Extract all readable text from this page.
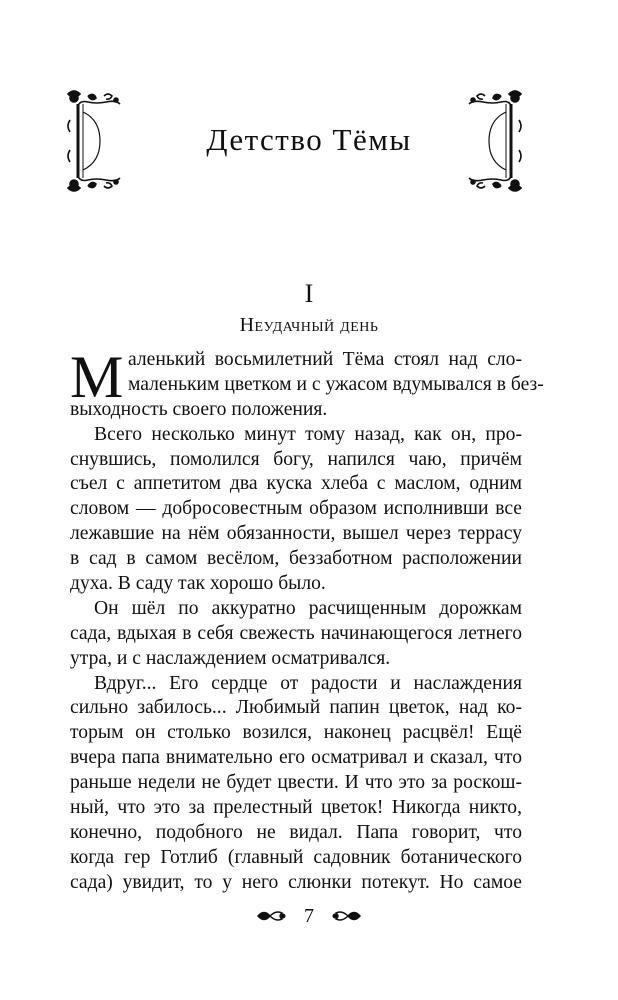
Детство Тёмы
I
Неудачный день
М аленький восьмилетний Тёма стоял над сло-
маленьким цветком и с ужасом вдумывался в без-
выходность своего положения.
Всего несколько минут тому назад, как он, про-
снувшись, помолился богу, напился чаю, причём
съел с аппетитом два куска хлеба с маслом, одним
словом — добросовестным образом исполнивши все
лежавшие на нём обязанности, вышел через террасу
в сад в самом весёлом, беззаботном расположении
духа. В саду так хорошо было.
Он шёл по аккуратно расчищенным дорожкам
сада, вдыхая в себя свежесть начинающегося летнего
утра, и с наслаждением осматривался.
Вдруг... Его сердце от радости и наслаждения
сильно забилось... Любимый папин цветок, над ко-
торым он столько возился, наконец расцвёл! Ещё
вчера папа внимательно его осматривал и сказал, что
раньше недели не будет цвести. И что это за роскош-
ный, что это за прелестный цветок! Никогда никто,
конечно, подобного не видал. Папа говорит, что
когда гер Готлиб (главный садовник ботанического
сада) увидит, то у него слюнки потекут. Но самое
7
